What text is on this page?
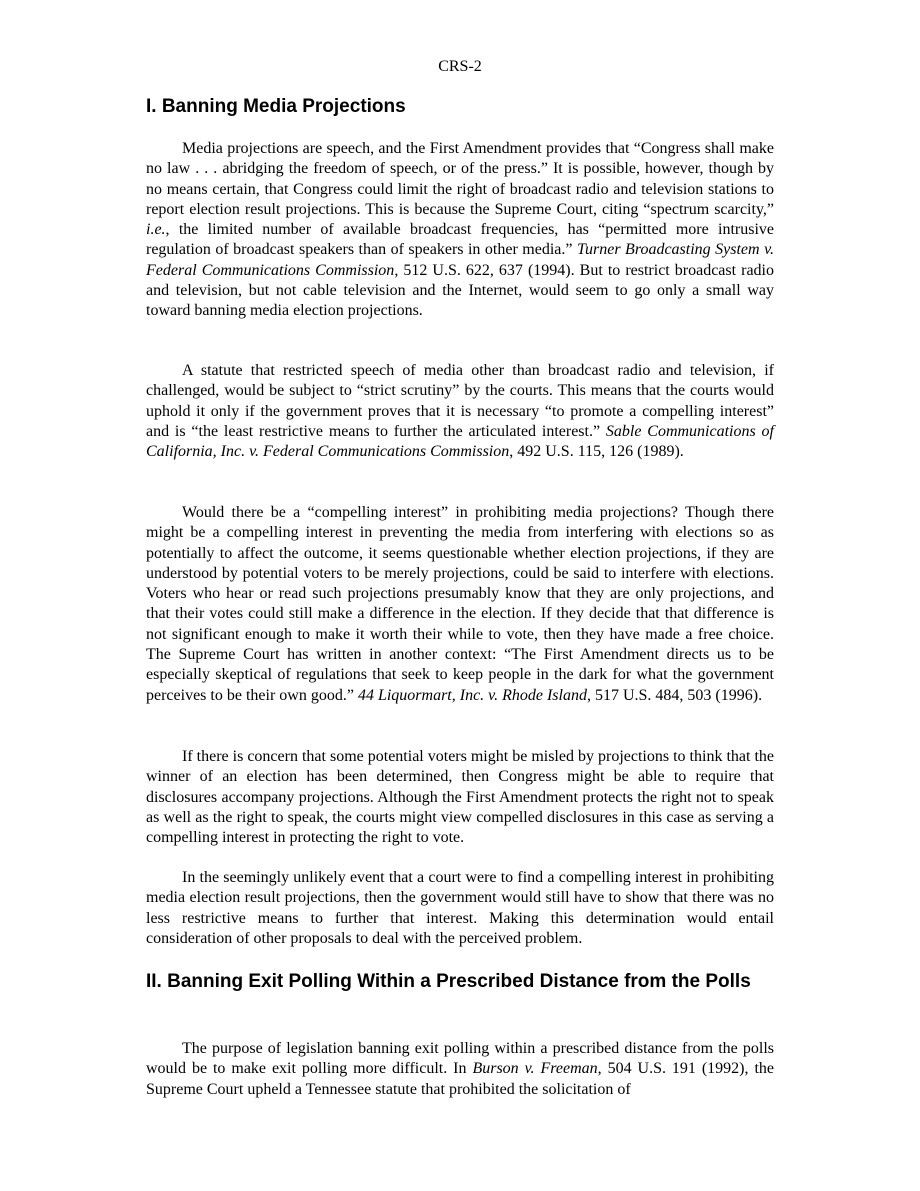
CRS-2
I. Banning Media Projections

Media projections are speech, and the First Amendment provides that “Congress shall make no law . . . abridging the freedom of speech, or of the press.” It is possible, however, though by no means certain, that Congress could limit the right of broadcast radio and television stations to report election result projections. This is because the Supreme Court, citing “spectrum scarcity,” i.e., the limited number of available broadcast frequencies, has “permitted more intrusive regulation of broadcast speakers than of speakers in other media.” Turner Broadcasting System v. Federal Communications Commission, 512 U.S. 622, 637 (1994). But to restrict broadcast radio and television, but not cable television and the Internet, would seem to go only a small way toward banning media election projections.

A statute that restricted speech of media other than broadcast radio and television, if challenged, would be subject to “strict scrutiny” by the courts. This means that the courts would uphold it only if the government proves that it is necessary “to promote a compelling interest” and is “the least restrictive means to further the articulated interest.” Sable Communications of California, Inc. v. Federal Communications Commission, 492 U.S. 115, 126 (1989).

Would there be a “compelling interest” in prohibiting media projections? Though there might be a compelling interest in preventing the media from interfering with elections so as potentially to affect the outcome, it seems questionable whether election projections, if they are understood by potential voters to be merely projections, could be said to interfere with elections. Voters who hear or read such projections presumably know that they are only projections, and that their votes could still make a difference in the election. If they decide that that difference is not significant enough to make it worth their while to vote, then they have made a free choice. The Supreme Court has written in another context: “The First Amendment directs us to be especially skeptical of regulations that seek to keep people in the dark for what the government perceives to be their own good.” 44 Liquormart, Inc. v. Rhode Island, 517 U.S. 484, 503 (1996).

If there is concern that some potential voters might be misled by projections to think that the winner of an election has been determined, then Congress might be able to require that disclosures accompany projections. Although the First Amendment protects the right not to speak as well as the right to speak, the courts might view compelled disclosures in this case as serving a compelling interest in protecting the right to vote.

In the seemingly unlikely event that a court were to find a compelling interest in prohibiting media election result projections, then the government would still have to show that there was no less restrictive means to further that interest. Making this determination would entail consideration of other proposals to deal with the perceived problem.

II. Banning Exit Polling Within a Prescribed Distance from the Polls

The purpose of legislation banning exit polling within a prescribed distance from the polls would be to make exit polling more difficult. In Burson v. Freeman, 504 U.S. 191 (1992), the Supreme Court upheld a Tennessee statute that prohibited the solicitation of
